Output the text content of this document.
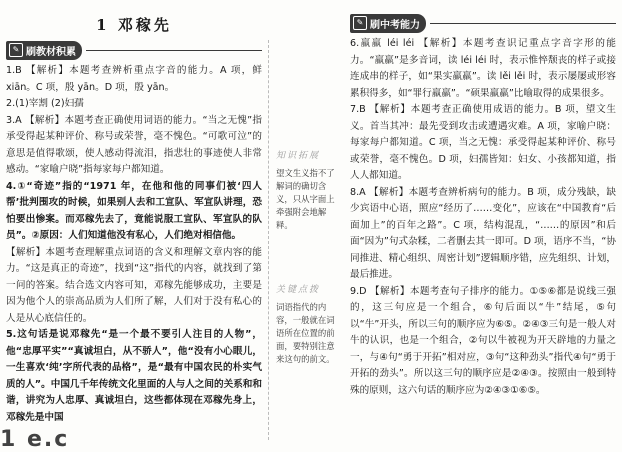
1 邓稼先
✎ 刷教材积累
1.B 【解析】本题考查辨析重点字音的能力。A 项，鲜 xiān。C 项，殷 yān。D 项，殷 yān。
2.(1)宰割 (2)妇孺
3.A 【解析】本题考查正确使用词语的能力。“当之无愧”指承受得起某种评价、称号或荣誉，毫不愧色。“可歌可泣”的意思是值得歌颂，使人感动得流泪，指悲壮的事迹使人非常感动。“家喻户晓”指每家每户都知道。
4.①“奇迹”指的“1971 年，在他和他的同事们被‘四人帮’批判围攻的时候，如果别人去和工宣队、军宣队讲理，恐怕要出惨案。而邓稼先去了，竟能说服工宣队、军宣队的队员”。②原因：人们知道他没有私心，人们绝对相信他。
【解析】本题考查理解重点词语的含义和理解文章内容的能力。“这是真正的奇迹”，找到“这”指代的内容，就找到了第一问的答案。结合选文内容可知，邓稼先能够成功，主要是因为他个人的崇高品质为人们所了解，人们对于没有私心的人是从心底信任的。
5.这句话是说邓稼先“是一个最不要引人注目的人物”，他“忠厚平实”“真诚坦白，从不骄人”，他“没有小心眼儿，一生喜欢‘纯’字所代表的品格”，是“最有中国农民的朴实气质的人”。中国几千年传统文化里面的人与人之间的关系和和谐，讲究为人忠厚、真诚坦白，这些都体现在邓稼先身上，邓稼先是中国
知识拓展
望文生义指不了解词的确切含义，只从字面上牵强附会地解释。
关键点拨
词语指代的内容，一般就在词语所在位置的前面，要特别注意来这句的前文。
✎ 刷中考能力
6.羸羸 léi léi 【解析】本题考查识记重点字音字形的能力。“羸羸”是多音词，读 léi léi 时，表示惟悴颓丧的样子或接连成串的样子，如“果实羸羸”。读 lěi lěi 时，表示屡屡或形容累积得多，如“罪行羸羸”。“硕果羸羸”比喻取得的成果很多。
7.B 【解析】本题考查正确使用成语的能力。B 项，望文生义。首当其冲：最先受到攻击或遭遇灾难。A 项，家喻户晓：每家每户都知道。C 项，当之无愧：承受得起某种评价、称号或荣誉，毫不愧色。D 项，妇孺皆知：妇女、小孩都知道，指人人都知道。
8.A 【解析】本题考查辨析病句的能力。B 项，成分残缺，缺少宾语中心语，照应“经历了……变化”，应该在“中国教育“后面加上”的百年之路”。C 项，结构混乱，“……的原因”和后面“因为”句式杂糅，二者删去其一即可。D 项，语序不当，“协同推进、精心组织、周密计划”逻辑顺序错，应先组织、计划，最后推进。
9.D 【解析】本题考查句子排序的能力。①⑤⑥都是说线三强的，这三句应是一个组合，⑥句后面以“牛”结尾，⑤句以“牛”开头，所以三句的顺序应为⑥⑤。②④③三句是一般人对牛的认识，也是一个组合，②句以牛被视为开天辟地的力量之一，与④句“勇于开拓”相对应，③句“这种劲头”指代④句“勇于开拓的劲头”。所以这三句的顺序应是②④③。按照由一般到特殊的原则，这六句话的顺序应为②④③①⑥⑤。
1 e.c
